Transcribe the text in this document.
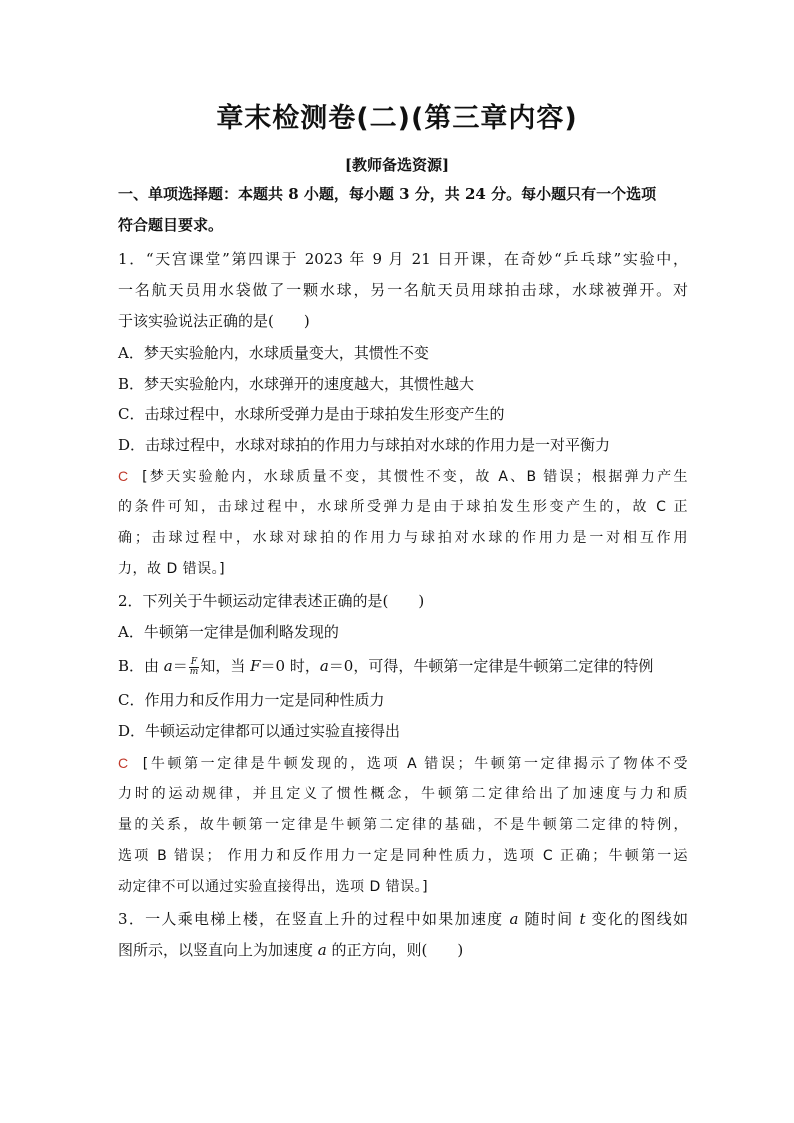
章末检测卷(二)(第三章内容)
[教师备选资源]
一、单项选择题：本题共 8 小题，每小题 3 分，共 24 分。每小题只有一个选项
符合题目要求。
1．“天宫课堂”第四课于 2023 年 9 月 21 日开课，在奇妙“乒乓球”实验中，
一名航天员用水袋做了一颗水球，另一名航天员用球拍击球，水球被弹开。对
于该实验说法正确的是(　　)
A．梦天实验舱内，水球质量变大，其惯性不变
B．梦天实验舱内，水球弹开的速度越大，其惯性越大
C．击球过程中，水球所受弹力是由于球拍发生形变产生的
D．击球过程中，水球对球拍的作用力与球拍对水球的作用力是一对平衡力
C [梦天实验舱内，水球质量不变，其惯性不变，故 A、B 错误；根据弹力产生
的条件可知，击球过程中，水球所受弹力是由于球拍发生形变产生的，故 C 正
确；击球过程中，水球对球拍的作用力与球拍对水球的作用力是一对相互作用
力，故 D 错误。]
2．下列关于牛顿运动定律表述正确的是(　　)
A．牛顿第一定律是伽利略发现的
B．由 $a= \frac{F}{m}$ 知，当 F＝0 时，a＝0，可得，牛顿第一定律是牛顿第二定律的特例
C．作用力和反作用力一定是同种性质力
D．牛顿运动定律都可以通过实验直接得出
C [牛顿第一定律是牛顿发现的，选项 A 错误；牛顿第一定律揭示了物体不受
力时的运动规律，并且定义了惯性概念，牛顿第二定律给出了加速度与力和质
量的关系，故牛顿第一定律是牛顿第二定律的基础，不是牛顿第二定律的特例，
选项 B 错误； 作用力和反作用力一定是同种性质力，选项 C 正确；牛顿第一运
动定律不可以通过实验直接得出，选项 D 错误。]
3．一人乘电梯上楼，在竖直上升的过程中如果加速度 a 随时间 t 变化的图线如
图所示，以竖直向上为加速度 a 的正方向，则(　　)
